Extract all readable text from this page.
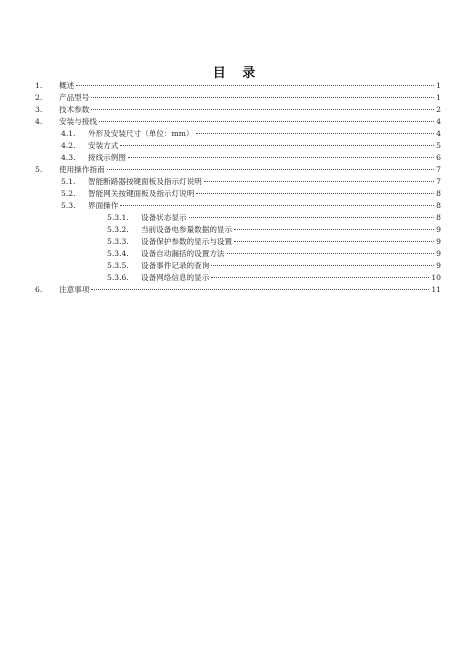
目 录
1.	概述	1
2.	产品型号	1
3.	技术参数	2
4.	安装与接线	4
4.1.	外形及安装尺寸（单位：mm）	4
4.2.	安装方式	5
4.3.	接线示例图	6
5.	使用操作指南	7
5.1.	智能断路器按键面板及指示灯说明	7
5.2.	智能网关按键面板及指示灯说明	8
5.3.	界面操作	8
5.3.1.	设备状态显示	8
5.3.2.	当前设备电参量数据的显示	9
5.3.3.	设备保护参数的显示与设置	9
5.3.4.	设备自动漏括的设置方法	9
5.3.5.	设备事件记录的查询	9
5.3.6.	设备网络信息的显示	10
6.	注意事项	11
